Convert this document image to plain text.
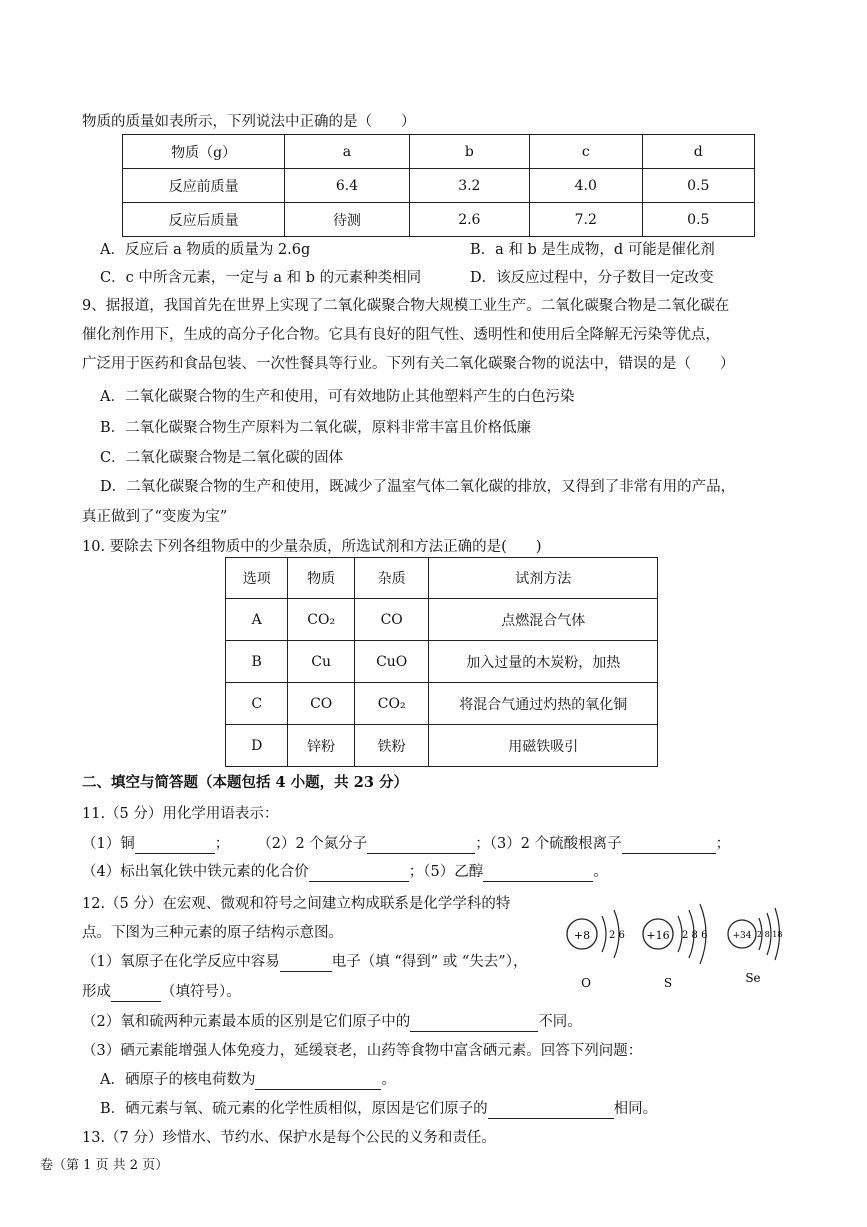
物质的质量如表所示，下列说法中正确的是（　　）
物质（g）	a	b	c	d
反应前质量	6.4	3.2	4.0	0.5
反应后质量	待测	2.6	7.2	0.5
A．反应后 a 物质的质量为 2.6g	B．a 和 b 是生成物，d 可能是催化剂
C．c 中所含元素，一定与 a 和 b 的元素种类相同	D．该反应过程中，分子数目一定改变
9、据报道，我国首先在世界上实现了二氧化碳聚合物大规模工业生产。二氧化碳聚合物是二氧化碳在
催化剂作用下，生成的高分子化合物。它具有良好的阻气性、透明性和使用后全降解无污染等优点，
广泛用于医药和食品包装、一次性餐具等行业。下列有关二氧化碳聚合物的说法中，错误的是（　　）
A．二氧化碳聚合物的生产和使用，可有效地防止其他塑料产生的白色污染
B．二氧化碳聚合物生产原料为二氧化碳，原料非常丰富且价格低廉
C．二氧化碳聚合物是二氧化碳的固体
D．二氧化碳聚合物的生产和使用，既减少了温室气体二氧化碳的排放，又得到了非常有用的产品，
真正做到了“变废为宝”
10. 要除去下列各组物质中的少量杂质，所选试剂和方法正确的是(　　)
选项	物质	杂质	试剂方法
A	CO₂	CO	点燃混合气体
B	Cu	CuO	加入过量的木炭粉，加热
C	CO	CO₂	将混合气通过灼热的氧化铜
D	锌粉	铁粉	用磁铁吸引
二、填空与简答题（本题包括 4 小题，共 23 分）
11.（5 分）用化学用语表示：
（1）铜	； （2）2 个氮分子	；（3）2 个硫酸根离子	；
（4）标出氧化铁中铁元素的化合价	；（5）乙醇	。
12.（5 分）在宏观、微观和符号之间建立构成联系是化学学科的特
点。下图为三种元素的原子结构示意图。
（1）氧原子在化学反应中容易	电子（填 “得到” 或 “失去”），
形成	（填符号）。
+8 2 6
O
+16 2 8 6
S
+34 2 8 18
Se
（2）氧和硫两种元素最本质的区别是它们原子中的	不同。
（3）硒元素能增强人体免疫力，延缓衰老，山药等食物中富含硒元素。回答下列问题：
A．硒原子的核电荷数为	。
B．硒元素与氧、硫元素的化学性质相似，原因是它们原子的	相同。
13.（7 分）珍惜水、节约水、保护水是每个公民的义务和责任。
卷（第 1 页 共 2 页）
